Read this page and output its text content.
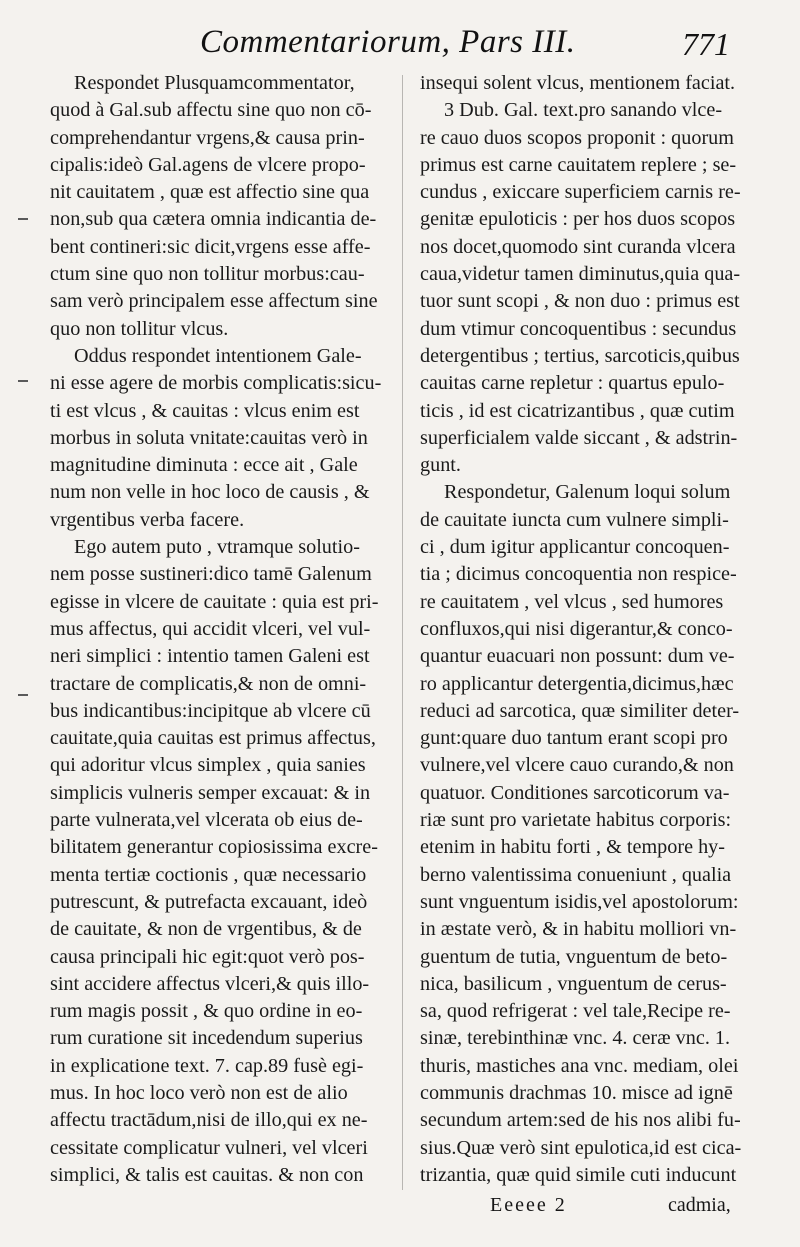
Commentariorum, Pars III.	771
Respondet Plusquamcommentator,
quod à Gal.sub affectu sine quo non cō-
comprehendantur vrgens,& causa prin-
cipalis:ideò Gal.agens de vlcere propo-
nit cauitatem , quæ est affectio sine qua
non,sub qua cætera omnia indicantia de-
bent contineri:sic dicit,vrgens esse affe-
ctum sine quo non tollitur morbus:cau-
sam verò principalem esse affectum sine
quo non tollitur vlcus.
Oddus respondet intentionem Gale-
ni esse agere de morbis complicatis:sicu-
ti est vlcus , & cauitas : vlcus enim est
morbus in soluta vnitate:cauitas verò in
magnitudine diminuta : ecce ait , Gale
num non velle in hoc loco de causis , &
vrgentibus verba facere.
Ego autem puto , vtramque solutio-
nem posse sustineri:dico tamē Galenum
egisse in vlcere de cauitate : quia est pri-
mus affectus, qui accidit vlceri, vel vul-
neri simplici : intentio tamen Galeni est
tractare de complicatis,& non de omni-
bus indicantibus:incipitque ab vlcere cū
cauitate,quia cauitas est primus affectus,
qui adoritur vlcus simplex , quia sanies
simplicis vulneris semper excauat: & in
parte vulnerata,vel vlcerata ob eius de-
bilitatem generantur copiosissima excre-
menta tertiæ coctionis , quæ necessario
putrescunt, & putrefacta excauant, ideò
de cauitate, & non de vrgentibus, & de
causa principali hic egit:quot verò pos-
sint accidere affectus vlceri,& quis illo-
rum magis possit , & quo ordine in eo-
rum curatione sit incedendum superius
in explicatione text. 7. cap.89 fusè egi-
mus. In hoc loco verò non est de alio
affectu tractādum,nisi de illo,qui ex ne-
cessitate complicatur vulneri, vel vlceri
simplici, & talis est cauitas. & non con
insequi solent vlcus, mentionem faciat.
3 Dub. Gal. text.pro sanando vlce-
re cauo duos scopos proponit : quorum
primus est carne cauitatem replere ; se-
cundus , exiccare superficiem carnis re-
genitæ epuloticis : per hos duos scopos
nos docet,quomodo sint curanda vlcera
caua,videtur tamen diminutus,quia qua-
tuor sunt scopi , & non duo : primus est
dum vtimur concoquentibus : secundus
detergentibus ; tertius, sarcoticis,quibus
cauitas carne repletur : quartus epulo-
ticis , id est cicatrizantibus , quæ cutim
superficialem valde siccant , & adstrin-
gunt.
Respondetur, Galenum loqui solum
de cauitate iuncta cum vulnere simpli-
ci , dum igitur applicantur concoquen-
tia ; dicimus concoquentia non respice-
re cauitatem , vel vlcus , sed humores
confluxos,qui nisi digerantur,& conco-
quantur euacuari non possunt: dum ve-
ro applicantur detergentia,dicimus,hæc
reduci ad sarcotica, quæ similiter deter-
gunt:quare duo tantum erant scopi pro
vulnere,vel vlcere cauo curando,& non
quatuor. Conditiones sarcoticorum va-
riæ sunt pro varietate habitus corporis:
etenim in habitu forti , & tempore hy-
berno valentissima conueniunt , qualia
sunt vnguentum isidis,vel apostolorum:
in æstate verò, & in habitu molliori vn-
guentum de tutia, vnguentum de beto-
nica, basilicum , vnguentum de cerus-
sa, quod refrigerat : vel tale,Recipe re-
sinæ, terebinthinæ vnc. 4. ceræ vnc. 1.
thuris, mastiches ana vnc. mediam, olei
communis drachmas 10. misce ad ignē
secundum artem:sed de his nos alibi fu-
sius.Quæ verò sint epulotica,id est cica-
trizantia, quæ quid simile cuti inducunt
Eeeee 2	cadmia,
